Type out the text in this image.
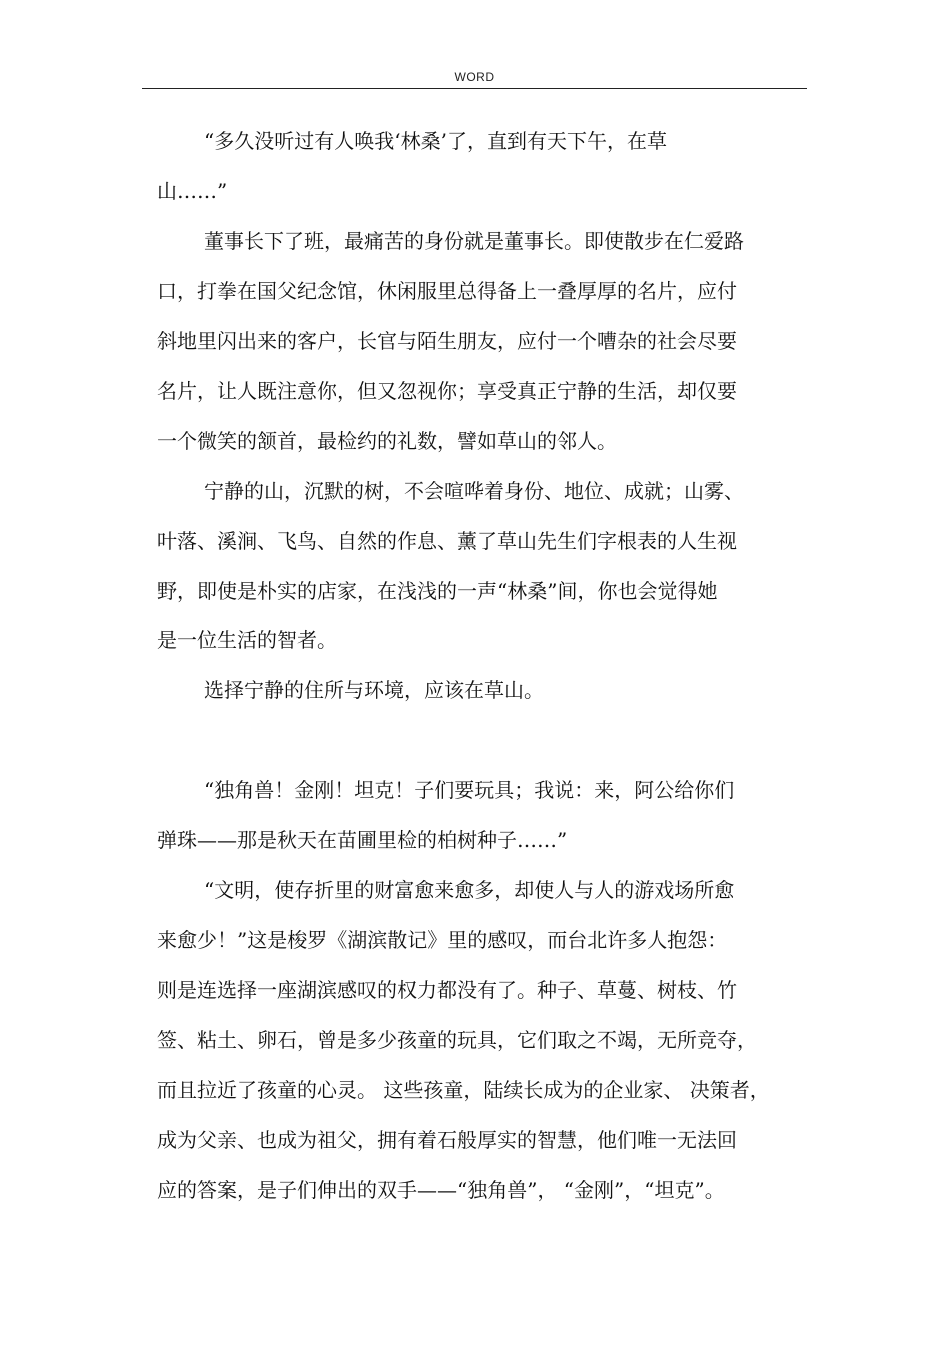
WORD
“多久没听过有人唤我‘林桑’了，直到有天下午，在草
山……”
董事长下了班，最痛苦的身份就是董事长。即使散步在仁爱路
口，打拳在国父纪念馆，休闲服里总得备上一叠厚厚的名片，应付
斜地里闪出来的客户，长官与陌生朋友，应付一个嘈杂的社会尽要
名片，让人既注意你，但又忽视你；享受真正宁静的生活，却仅要
一个微笑的颔首，最检约的礼数，譬如草山的邻人。
宁静的山，沉默的树，不会喧哗着身份、地位、成就；山雾、
叶落、溪涧、飞鸟、自然的作息、薰了草山先生们字根表的人生视
野，即使是朴实的店家，在浅浅的一声“林桑”间，你也会觉得她
是一位生活的智者。
选择宁静的住所与环境，应该在草山。
“独角兽！金刚！坦克！子们要玩具；我说：来，阿公给你们
弹珠——那是秋天在苗圃里检的柏树种子……”
“文明，使存折里的财富愈来愈多，却使人与人的游戏场所愈
来愈少！”这是梭罗《湖滨散记》里的感叹，而台北许多人抱怨：
则是连选择一座湖滨感叹的权力都没有了。种子、草蔓、树枝、竹
签、粘土、卵石，曾是多少孩童的玩具，它们取之不竭，无所竞夺，
而且拉近了孩童的心灵。 这些孩童，陆续长成为的企业家、 决策者，
成为父亲、也成为祖父，拥有着石般厚实的智慧，他们唯一无法回
应的答案，是子们伸出的双手——“独角兽”， “金刚”，“坦克”。
